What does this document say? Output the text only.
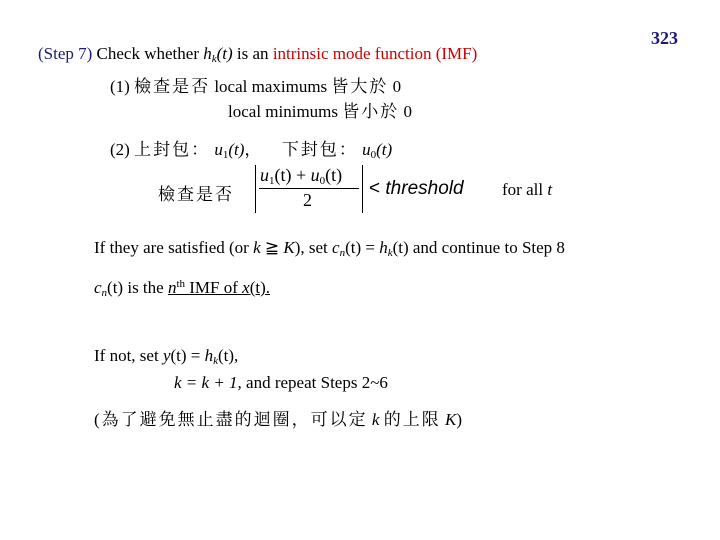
323
(Step 7) Check whether $h_k(t)$ is an intrinsic mode function (IMF)
(1) 檢查是否 local maximums 皆大於 0
local minimums 皆小於 0
(2) 上封包： $u_1(t)$， 下封包： $u_0(t)$
檢查是否
$u_1(t) + u_0(t)$
2
< threshold for all t
If they are satisfied (or k ≧ K), set $c_n(t) = h_k(t)$ and continue to Step 8
$c_n(t)$ is the $n^{th}$ IMF of x(t).
If not, set $y(t) = h_k(t)$,
k = k + 1, and repeat Steps 2~6
(為了避免無止盡的迴圈，可以定 k 的上限 K)
